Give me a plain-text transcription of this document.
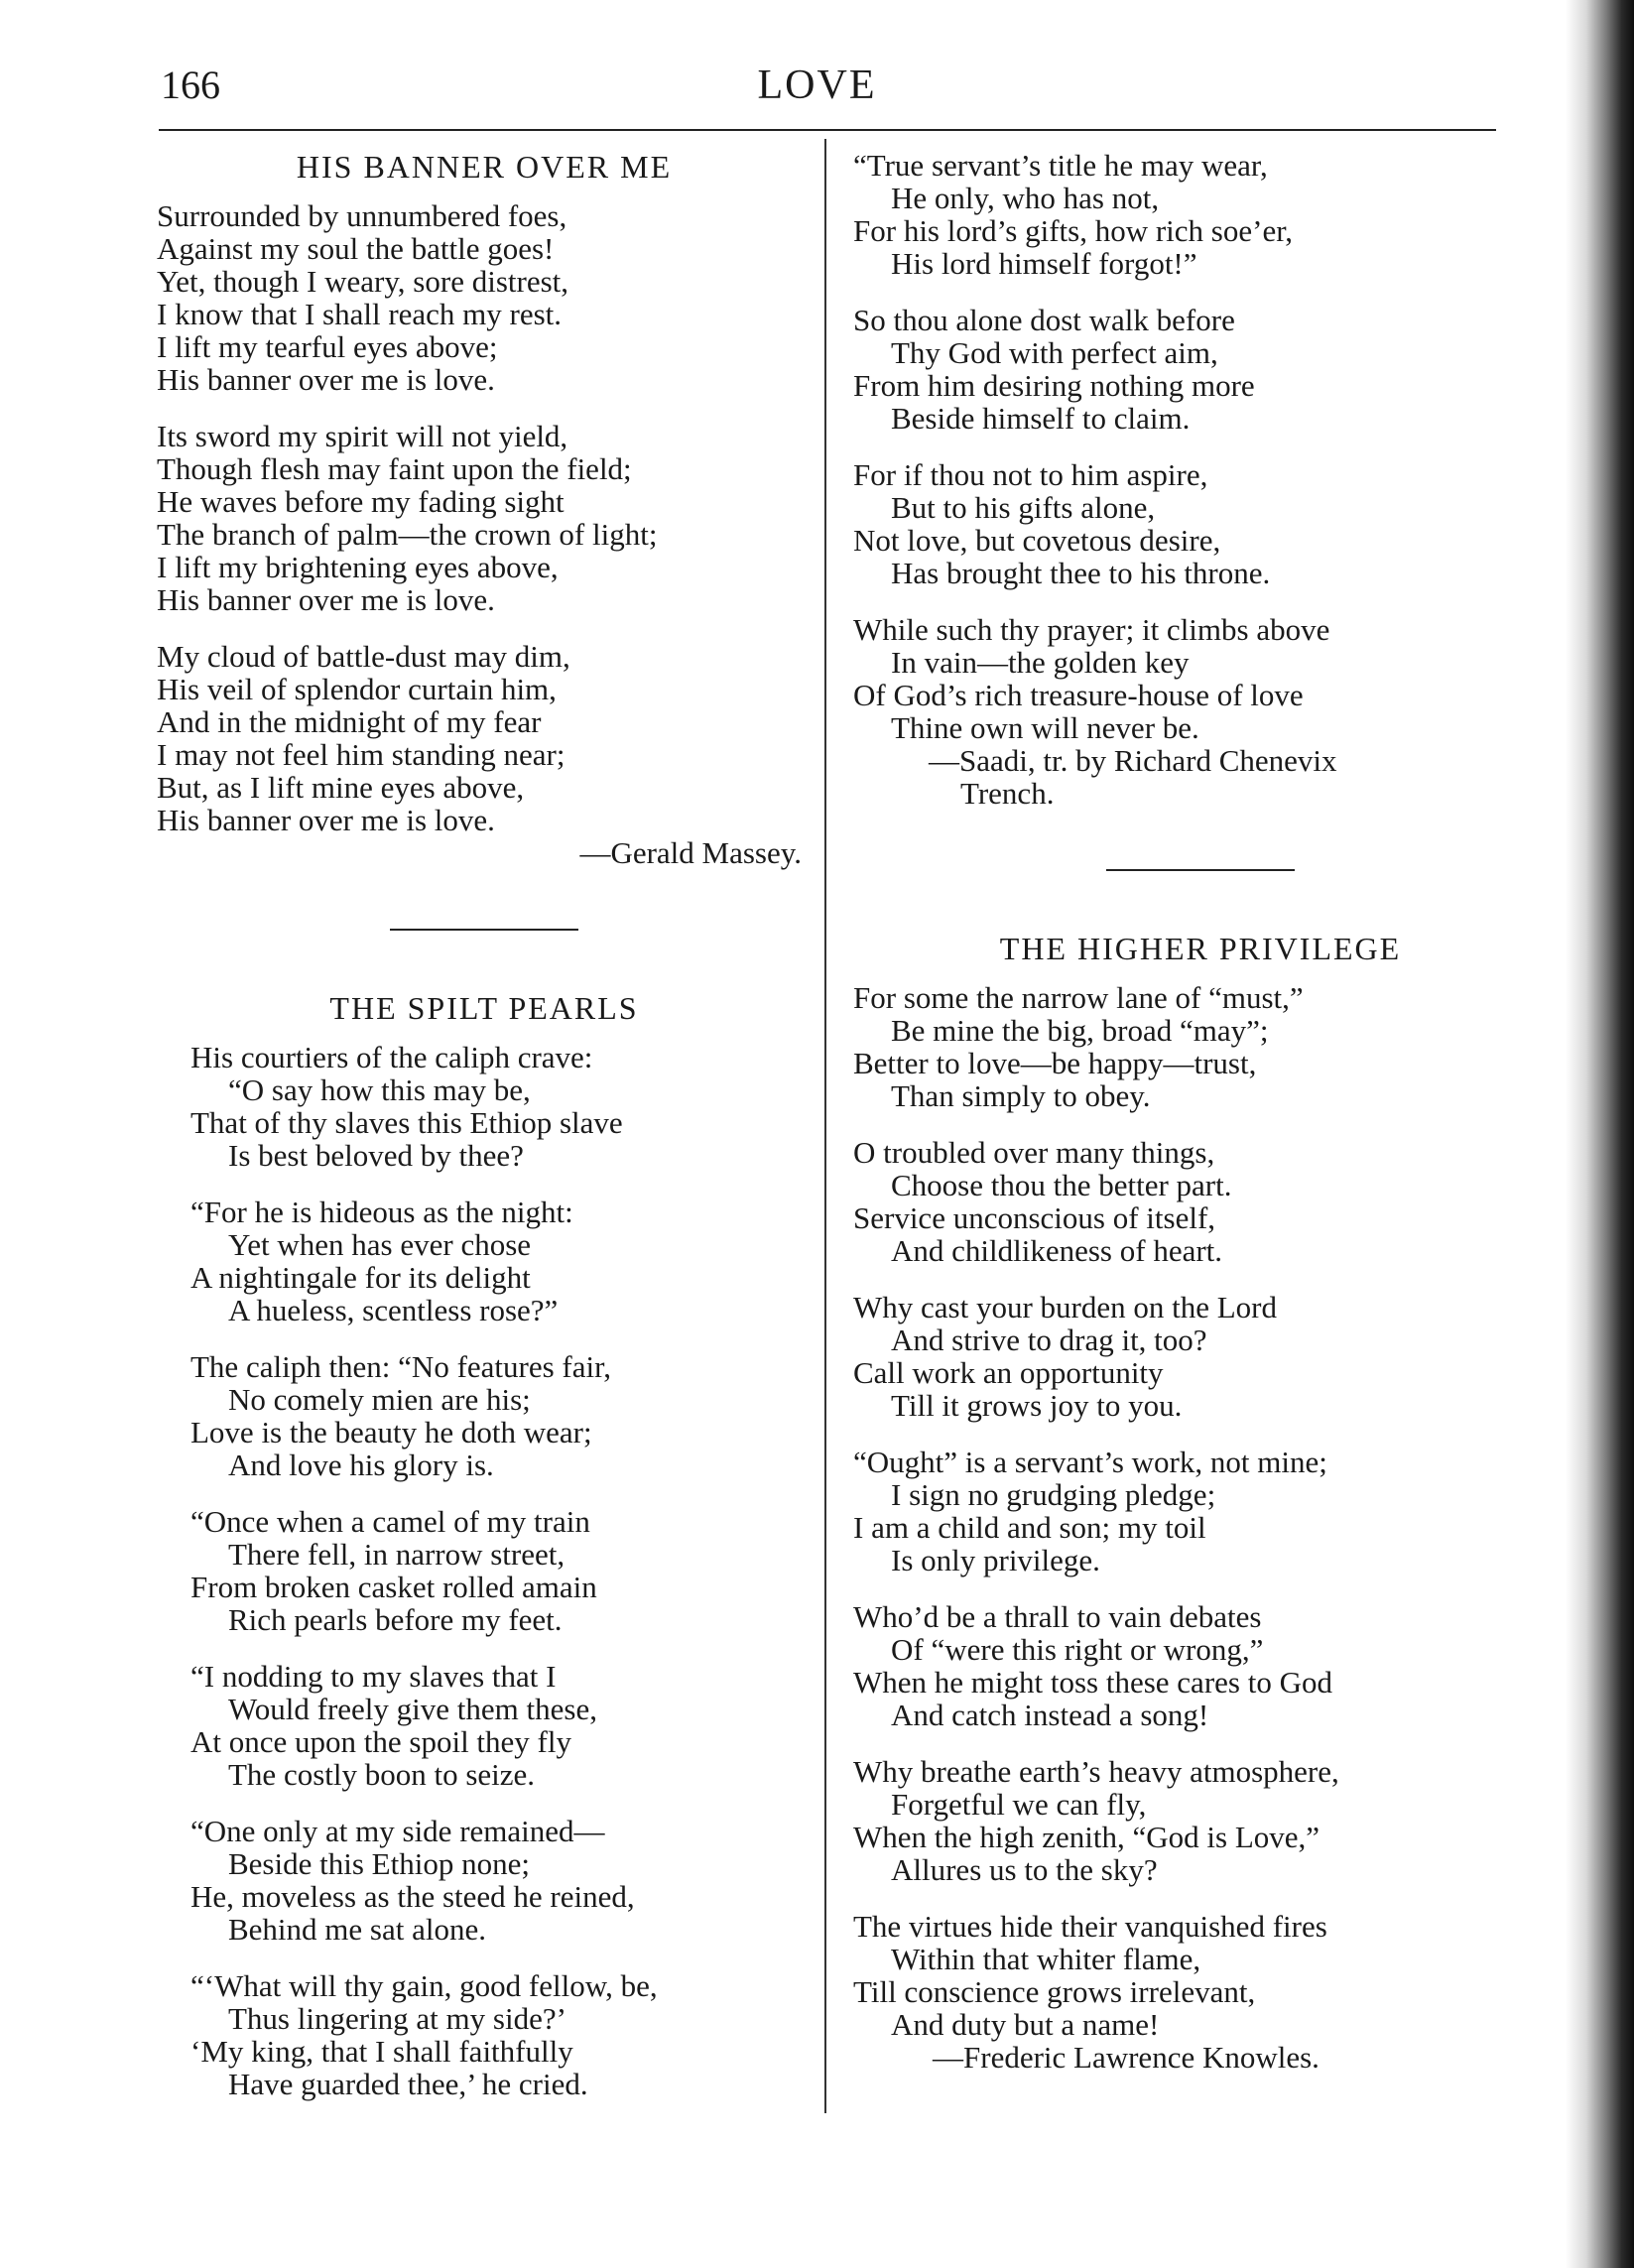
166	LOVE
HIS BANNER OVER ME
Surrounded by unnumbered foes,
Against my soul the battle goes!
Yet, though I weary, sore distrest,
I know that I shall reach my rest.
I lift my tearful eyes above;
His banner over me is love.
Its sword my spirit will not yield,
Though flesh may faint upon the field;
He waves before my fading sight
The branch of palm—the crown of light;
I lift my brightening eyes above,
His banner over me is love.
My cloud of battle-dust may dim,
His veil of splendor curtain him,
And in the midnight of my fear
I may not feel him standing near;
But, as I lift mine eyes above,
His banner over me is love.
—Gerald Massey.
THE SPILT PEARLS
His courtiers of the caliph crave:
“O say how this may be,
That of thy slaves this Ethiop slave
Is best beloved by thee?
“For he is hideous as the night:
Yet when has ever chose
A nightingale for its delight
A hueless, scentless rose?”
The caliph then: “No features fair,
No comely mien are his;
Love is the beauty he doth wear;
And love his glory is.
“Once when a camel of my train
There fell, in narrow street,
From broken casket rolled amain
Rich pearls before my feet.
“I nodding to my slaves that I
Would freely give them these,
At once upon the spoil they fly
The costly boon to seize.
“One only at my side remained—
Beside this Ethiop none;
He, moveless as the steed he reined,
Behind me sat alone.
“‘What will thy gain, good fellow, be,
Thus lingering at my side?’
‘My king, that I shall faithfully
Have guarded thee,’ he cried.
“True servant’s title he may wear,
He only, who has not,
For his lord’s gifts, how rich soe’er,
His lord himself forgot!”
So thou alone dost walk before
Thy God with perfect aim,
From him desiring nothing more
Beside himself to claim.
For if thou not to him aspire,
But to his gifts alone,
Not love, but covetous desire,
Has brought thee to his throne.
While such thy prayer; it climbs above
In vain—the golden key
Of God’s rich treasure-house of love
Thine own will never be.
—Saadi, tr. by Richard Chenevix
Trench.
THE HIGHER PRIVILEGE
For some the narrow lane of “must,”
Be mine the big, broad “may”;
Better to love—be happy—trust,
Than simply to obey.
O troubled over many things,
Choose thou the better part.
Service unconscious of itself,
And childlikeness of heart.
Why cast your burden on the Lord
And strive to drag it, too?
Call work an opportunity
Till it grows joy to you.
“Ought” is a servant’s work, not mine;
I sign no grudging pledge;
I am a child and son; my toil
Is only privilege.
Who’d be a thrall to vain debates
Of “were this right or wrong,”
When he might toss these cares to God
And catch instead a song!
Why breathe earth’s heavy atmosphere,
Forgetful we can fly,
When the high zenith, “God is Love,”
Allures us to the sky?
The virtues hide their vanquished fires
Within that whiter flame,
Till conscience grows irrelevant,
And duty but a name!
—Frederic Lawrence Knowles.
